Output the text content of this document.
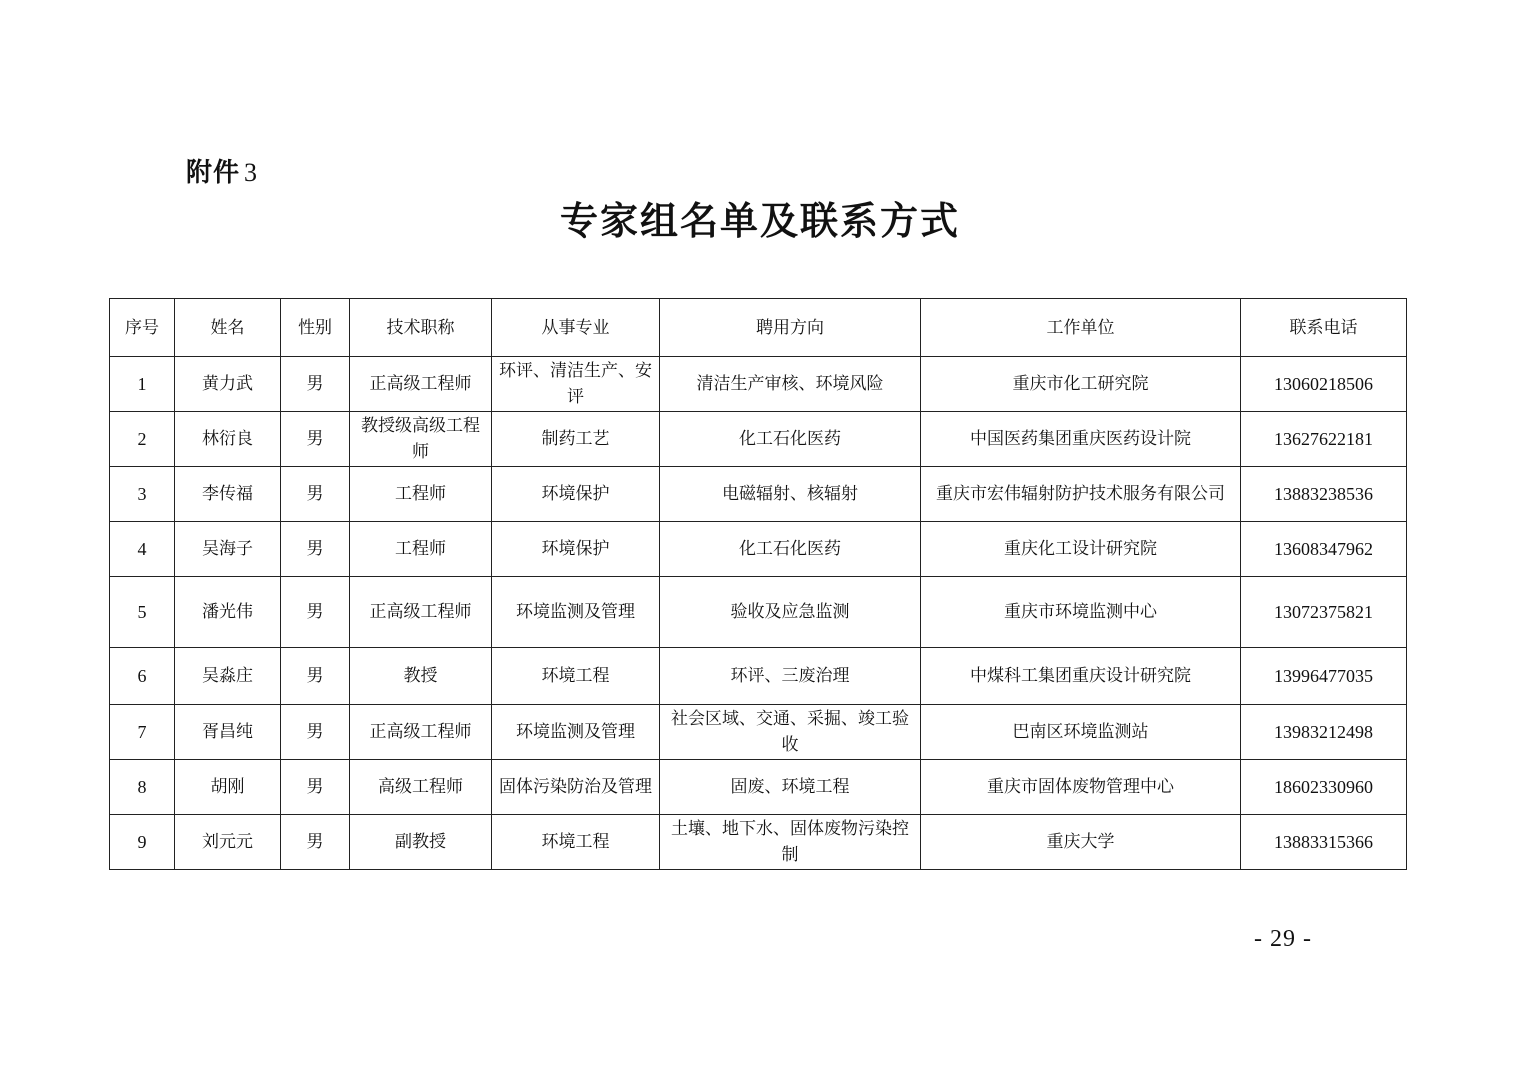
附件 3
专家组名单及联系方式
序号	姓名	性别	技术职称	从事专业	聘用方向	工作单位	联系电话
1	黄力武	男	正高级工程师	环评、清洁生产、安评	清洁生产审核、环境风险	重庆市化工研究院	13060218506
2	林衍良	男	教授级高级工程师	制药工艺	化工石化医药	中国医药集团重庆医药设计院	13627622181
3	李传福	男	工程师	环境保护	电磁辐射、核辐射	重庆市宏伟辐射防护技术服务有限公司	13883238536
4	吴海子	男	工程师	环境保护	化工石化医药	重庆化工设计研究院	13608347962
5	潘光伟	男	正高级工程师	环境监测及管理	验收及应急监测	重庆市环境监测中心	13072375821
6	吴淼庄	男	教授	环境工程	环评、三废治理	中煤科工集团重庆设计研究院	13996477035
7	胥昌纯	男	正高级工程师	环境监测及管理	社会区域、交通、采掘、竣工验收	巴南区环境监测站	13983212498
8	胡刚	男	高级工程师	固体污染防治及管理	固废、环境工程	重庆市固体废物管理中心	18602330960
9	刘元元	男	副教授	环境工程	土壤、地下水、固体废物污染控制	重庆大学	13883315366
- 29 -
